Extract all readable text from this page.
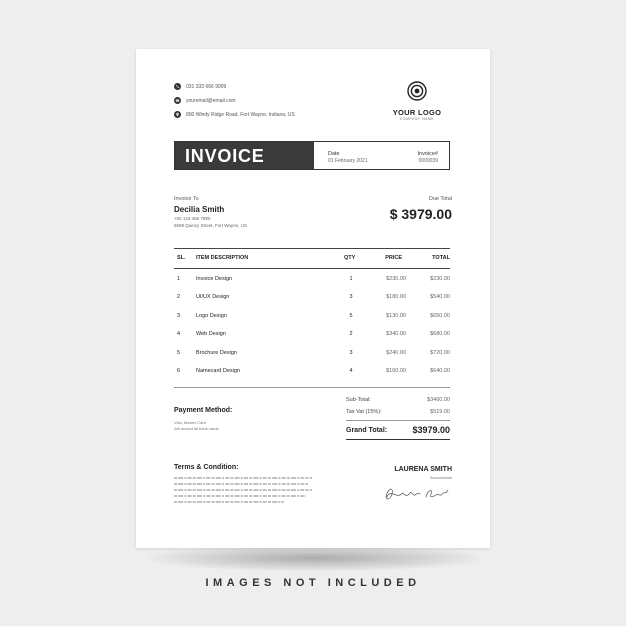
031 333 666 9999
youremail@email.com
800 Windy Ridge Road, Fort Wayne, Indiana, US	YOUR LOGO
COMPANY NAME
INVOICE	Date
01 February 2021
Invoice#
0000039
Invoice To
Decilia Smith
+00 123 456 7890
6599 Quincy Street, Fort Wayne, US
Due Total
$ 3979.00
SL. ITEM DESCRIPTION	QTY	PRICE	TOTAL
1	Invoice Design	1	$230.00	$230.00
2	UI/UX Design	3	$180.00	$540.00
3	Logo Design	5	$130.00	$650.00
4	Web Design	2	$340.00	$680.00
5	Brochure Design	3	$240.00	$720.00
6	Namecard Design	4	$160.00	$640.00
Payment Method:
Visa, Master Card
We accept all bank cards
Sub-Total:	$3460.00
Tax Vat (15%):	$519.00
Grand Total:	$3979.00
Terms & Condition:	LAURENA SMITH
Accountants
IMAGES NOT INCLUDED
